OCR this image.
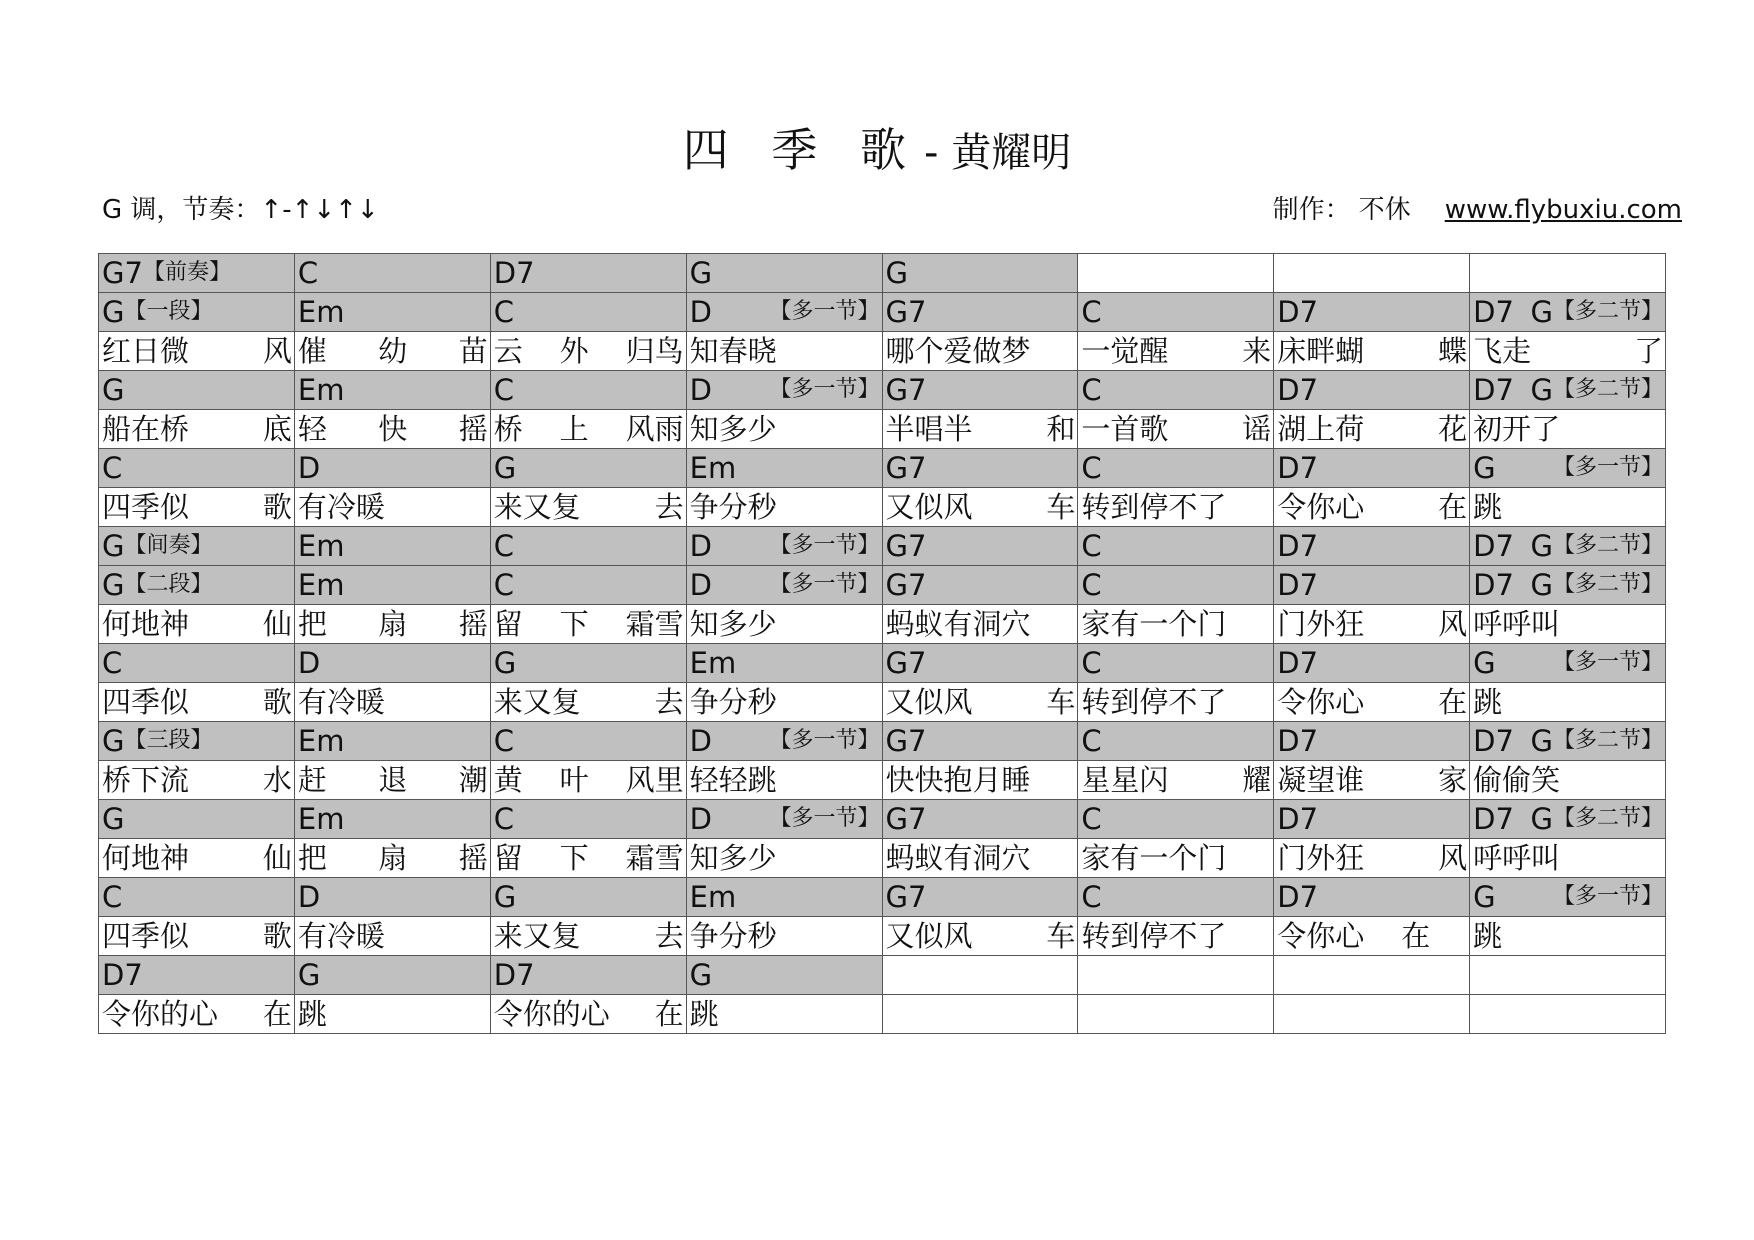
四 季 歌 - 黄耀明
G 调，节奏：↑-↑↓↑↓	制作： 不休 www.flybuxiu.com
G7 【前奏】	C	D7	G	G			

G 【一段】	Em	C	D 【多一节】	G7	C	D7	D7 G 【多二节】

红日微 风	催 幼 苗	云 外 归鸟	知春晓	哪个爱做梦	一觉醒 来	床畔蝴 蝶	飞走 了

G	Em	C	D 【多一节】	G7	C	D7	D7 G 【多二节】

船在桥 底	轻 快 摇	桥 上 风雨	知多少	半唱半 和	一首歌 谣	湖上荷 花	初开了

C	D	G	Em	G7	C	D7	G 【多一节】

四季似 歌	有冷暖	来又复 去	争分秒	又似风 车	转到停不了	令你心 在	跳

G 【间奏】	Em	C	D 【多一节】	G7	C	D7	D7 G 【多二节】

G 【二段】	Em	C	D 【多一节】	G7	C	D7	D7 G 【多二节】

何地神 仙	把 扇 摇	留 下 霜雪	知多少	蚂蚁有洞穴	家有一个门	门外狂 风	呼呼叫

C	D	G	Em	G7	C	D7	G 【多一节】

四季似 歌	有冷暖	来又复 去	争分秒	又似风 车	转到停不了	令你心 在	跳

G 【三段】	Em	C	D 【多一节】	G7	C	D7	D7 G 【多二节】

桥下流 水	赶 退 潮	黄 叶 风里	轻轻跳	快快抱月睡	星星闪 耀	凝望谁 家	偷偷笑

G	Em	C	D 【多一节】	G7	C	D7	D7 G 【多二节】

何地神 仙	把 扇 摇	留 下 霜雪	知多少	蚂蚁有洞穴	家有一个门	门外狂 风	呼呼叫

C	D	G	Em	G7	C	D7	G 【多一节】

四季似 歌	有冷暖	来又复 去	争分秒	又似风 车	转到停不了	令你心 在	跳

D7	G	D7	G				

令你的心 在	跳	令你的心 在	跳				
